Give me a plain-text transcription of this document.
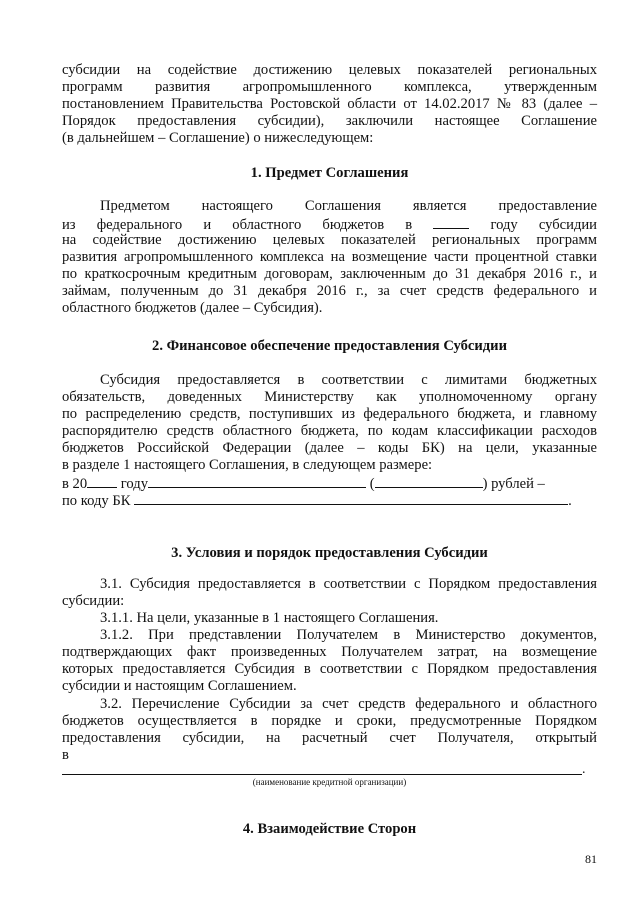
субсидии на содействие достижению целевых показателей региональных
программ развития агропромышленного комплекса, утвержденным
постановлением Правительства Ростовской области от 14.02.2017 № 83 (далее –
Порядок предоставления субсидии), заключили настоящее Соглашение
(в дальнейшем – Соглашение) о нижеследующем:
1. Предмет Соглашения
Предметом настоящего Соглашения является предоставление
из федерального и областного бюджетов в	году субсидии
на содействие достижению целевых показателей региональных программ
развития агропромышленного комплекса на возмещение части процентной ставки
по краткосрочным кредитным договорам, заключенным до 31 декабря 2016 г., и
займам, полученным до 31 декабря 2016 г., за счет средств федерального и
областного бюджетов (далее – Субсидия).
2. Финансовое обеспечение предоставления Субсидии
Субсидия предоставляется в соответствии с лимитами бюджетных
обязательств, доведенных Министерству как уполномоченному органу
по распределению средств, поступивших из федерального бюджета, и главному
распорядителю средств областного бюджета, по кодам классификации расходов
бюджетов Российской Федерации (далее – коды БК) на цели, указанные
в разделе 1 настоящего Соглашения, в следующем размере:
в 20 году	(	) рублей –
по коду БК	.
3. Условия и порядок предоставления Субсидии
3.1. Субсидия предоставляется в соответствии с Порядком предоставления
субсидии:
3.1.1. На цели, указанные в 1 настоящего Соглашения.
3.1.2. При представлении Получателем в Министерство документов,
подтверждающих факт произведенных Получателем затрат, на возмещение
которых предоставляется Субсидия в соответствии с Порядком предоставления
субсидии и настоящим Соглашением.
3.2. Перечисление Субсидии за счет средств федерального и областного
бюджетов осуществляется в порядке и сроки, предусмотренные Порядком
предоставления субсидии, на расчетный счет Получателя, открытый
в
.
(наименование кредитной организации)
4. Взаимодействие Сторон
81
